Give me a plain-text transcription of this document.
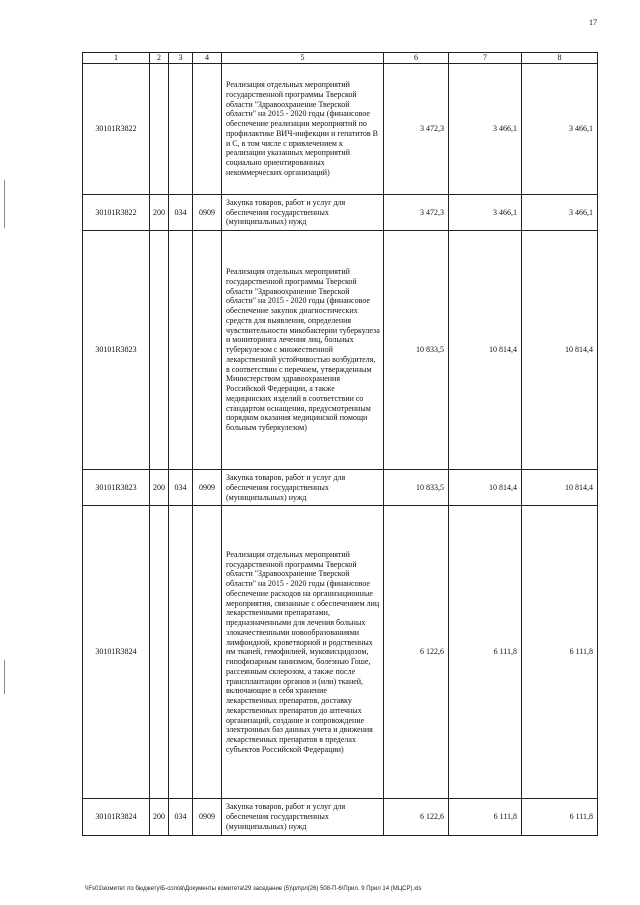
17
1	2	3	4	5	6	7	8
30101R3822				Реализация отдельных мероприятий государственной программы Тверской области "Здравоохранение Тверской области" на 2015 - 2020 годы (финансовое обеспечение реализации мероприятий по профилактике ВИЧ-инфекции и гепатитов В и С, в том числе с привлечением к реализации указанных мероприятий социально ориентированных некоммерческих организаций)	3 472,3	3 466,1	3 466,1
30101R3822	200	034	0909	Закупка товаров, работ и услуг для обеспечения государственных (муниципальных) нужд	3 472,3	3 466,1	3 466,1
30101R3823				Реализация отдельных мероприятий государственной программы Тверской области "Здравоохранение Тверской области" на 2015 - 2020 годы (финансовое обеспечение закупок диагностических средств для выявления, определения чувствительности микобактерии туберкулеза и мониторинга лечения лиц, больных туберкулезом с множественной лекарственной устойчивостью возбудителя, в соответствии с перечнем, утвержденным Министерством здравоохранения Российской Федерации, а также медицинских изделий в соответствии со стандартом оснащения, предусмотренным порядком оказания медицинской помощи больным туберкулезом)	10 833,5	10 814,4	10 814,4
30101R3823	200	034	0909	Закупка товаров, работ и услуг для обеспечения государственных (муниципальных) нужд	10 833,5	10 814,4	10 814,4
30101R3824				Реализация отдельных мероприятий государственной программы Тверской области "Здравоохранение Тверской области" на 2015 - 2020 годы (финансовое обеспечение расходов на организационные мероприятия, связанные с обеспечением лиц лекарственными препаратами, предназначенными для лечения больных злокачественными новообразованиями лимфоидной, кроветворной и родственных им тканей, гемофилией, муковисцидозом, гипофизарным нанизмом, болезнью Гоше, рассеянным склерозом, а также после трансплантации органов и (или) тканей, включающие в себя хранение лекарственных препаратов, доставку лекарственных препаратов до аптечных организаций, создание и сопровождение электронных баз данных учета и движения лекарственных препаратов в пределах субъектов Российской Федерации)	6 122,6	6 111,8	6 111,8
30101R3824	200	034	0909	Закупка товаров, работ и услуг для обеспечения государственных (муниципальных) нужд	6 122,6	6 111,8	6 111,8
\\Fs01\комитет по бюджету\Б-сопов\Документы комитета\29 заседание (5)\рл\рл(26) 508-П-6\Прил. 9 Прил 14 (МЦСР).xls
